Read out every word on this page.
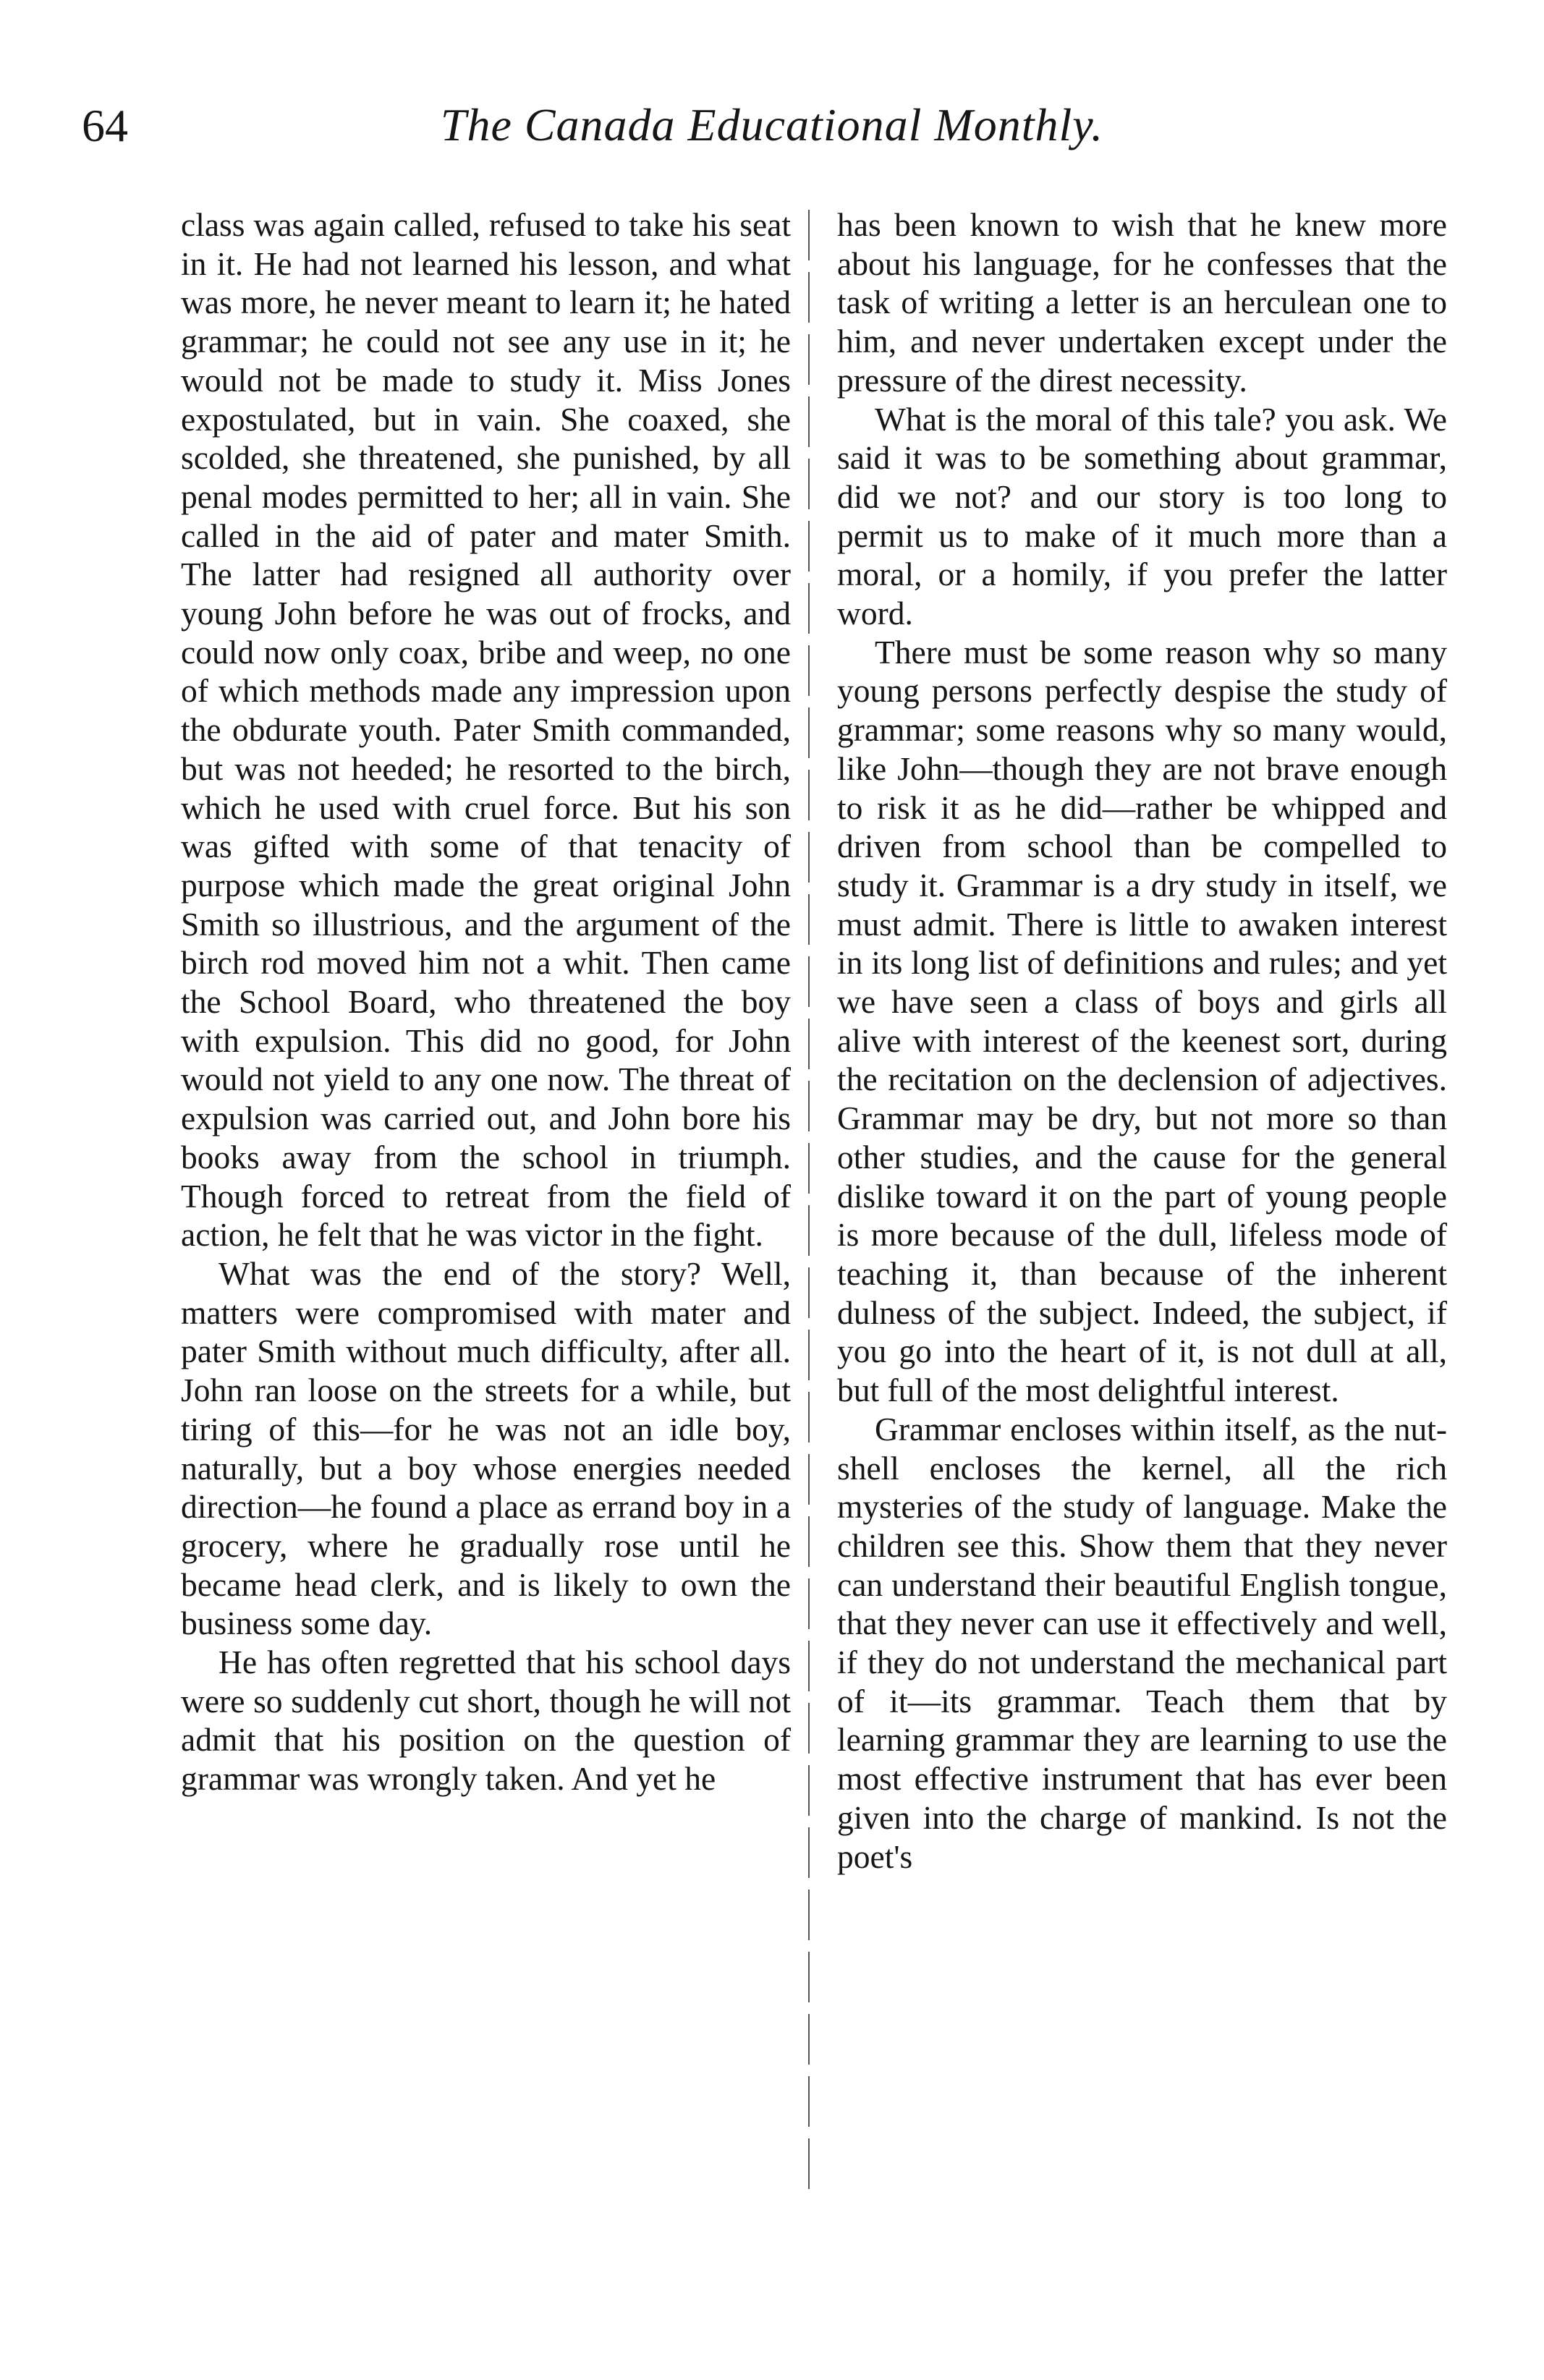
64	The Canada Educational Monthly.

class was again called, refused to take his seat in it. He had not learned his lesson, and what was more, he never meant to learn it; he hated grammar; he could not see any use in it; he would not be made to study it. Miss Jones expostulated, but in vain. She coaxed, she scolded, she threatened, she punished, by all penal modes permitted to her; all in vain. She called in the aid of pater and mater Smith. The latter had resigned all authority over young John before he was out of frocks, and could now only coax, bribe and weep, no one of which methods made any impression upon the obdurate youth. Pater Smith commanded, but was not heeded; he resorted to the birch, which he used with cruel force. But his son was gifted with some of that tenacity of purpose which made the great original John Smith so illustrious, and the argument of the birch rod moved him not a whit. Then came the School Board, who threatened the boy with expulsion. This did no good, for John would not yield to any one now. The threat of expulsion was carried out, and John bore his books away from the school in triumph. Though forced to retreat from the field of action, he felt that he was victor in the fight.

What was the end of the story? Well, matters were compromised with mater and pater Smith without much difficulty, after all. John ran loose on the streets for a while, but tiring of this—for he was not an idle boy, naturally, but a boy whose energies needed direction—he found a place as errand boy in a grocery, where he gradually rose until he became head clerk, and is likely to own the business some day.

He has often regretted that his school days were so suddenly cut short, though he will not admit that his position on the question of grammar was wrongly taken. And yet he

has been known to wish that he knew more about his language, for he confesses that the task of writing a letter is an herculean one to him, and never undertaken except under the pressure of the direst necessity.

What is the moral of this tale? you ask. We said it was to be something about grammar, did we not? and our story is too long to permit us to make of it much more than a moral, or a homily, if you prefer the latter word.

There must be some reason why so many young persons perfectly despise the study of grammar; some reasons why so many would, like John—though they are not brave enough to risk it as he did—rather be whipped and driven from school than be compelled to study it. Grammar is a dry study in itself, we must admit. There is little to awaken interest in its long list of definitions and rules; and yet we have seen a class of boys and girls all alive with interest of the keenest sort, during the recitation on the declension of adjectives. Grammar may be dry, but not more so than other studies, and the cause for the general dislike toward it on the part of young people is more because of the dull, lifeless mode of teaching it, than because of the inherent dulness of the subject. Indeed, the subject, if you go into the heart of it, is not dull at all, but full of the most delightful interest.

Grammar encloses within itself, as the nut-shell encloses the kernel, all the rich mysteries of the study of language. Make the children see this. Show them that they never can understand their beautiful English tongue, that they never can use it effectively and well, if they do not understand the mechanical part of it—its grammar. Teach them that by learning grammar they are learning to use the most effective instrument that has ever been given into the charge of mankind. Is not the poet's
